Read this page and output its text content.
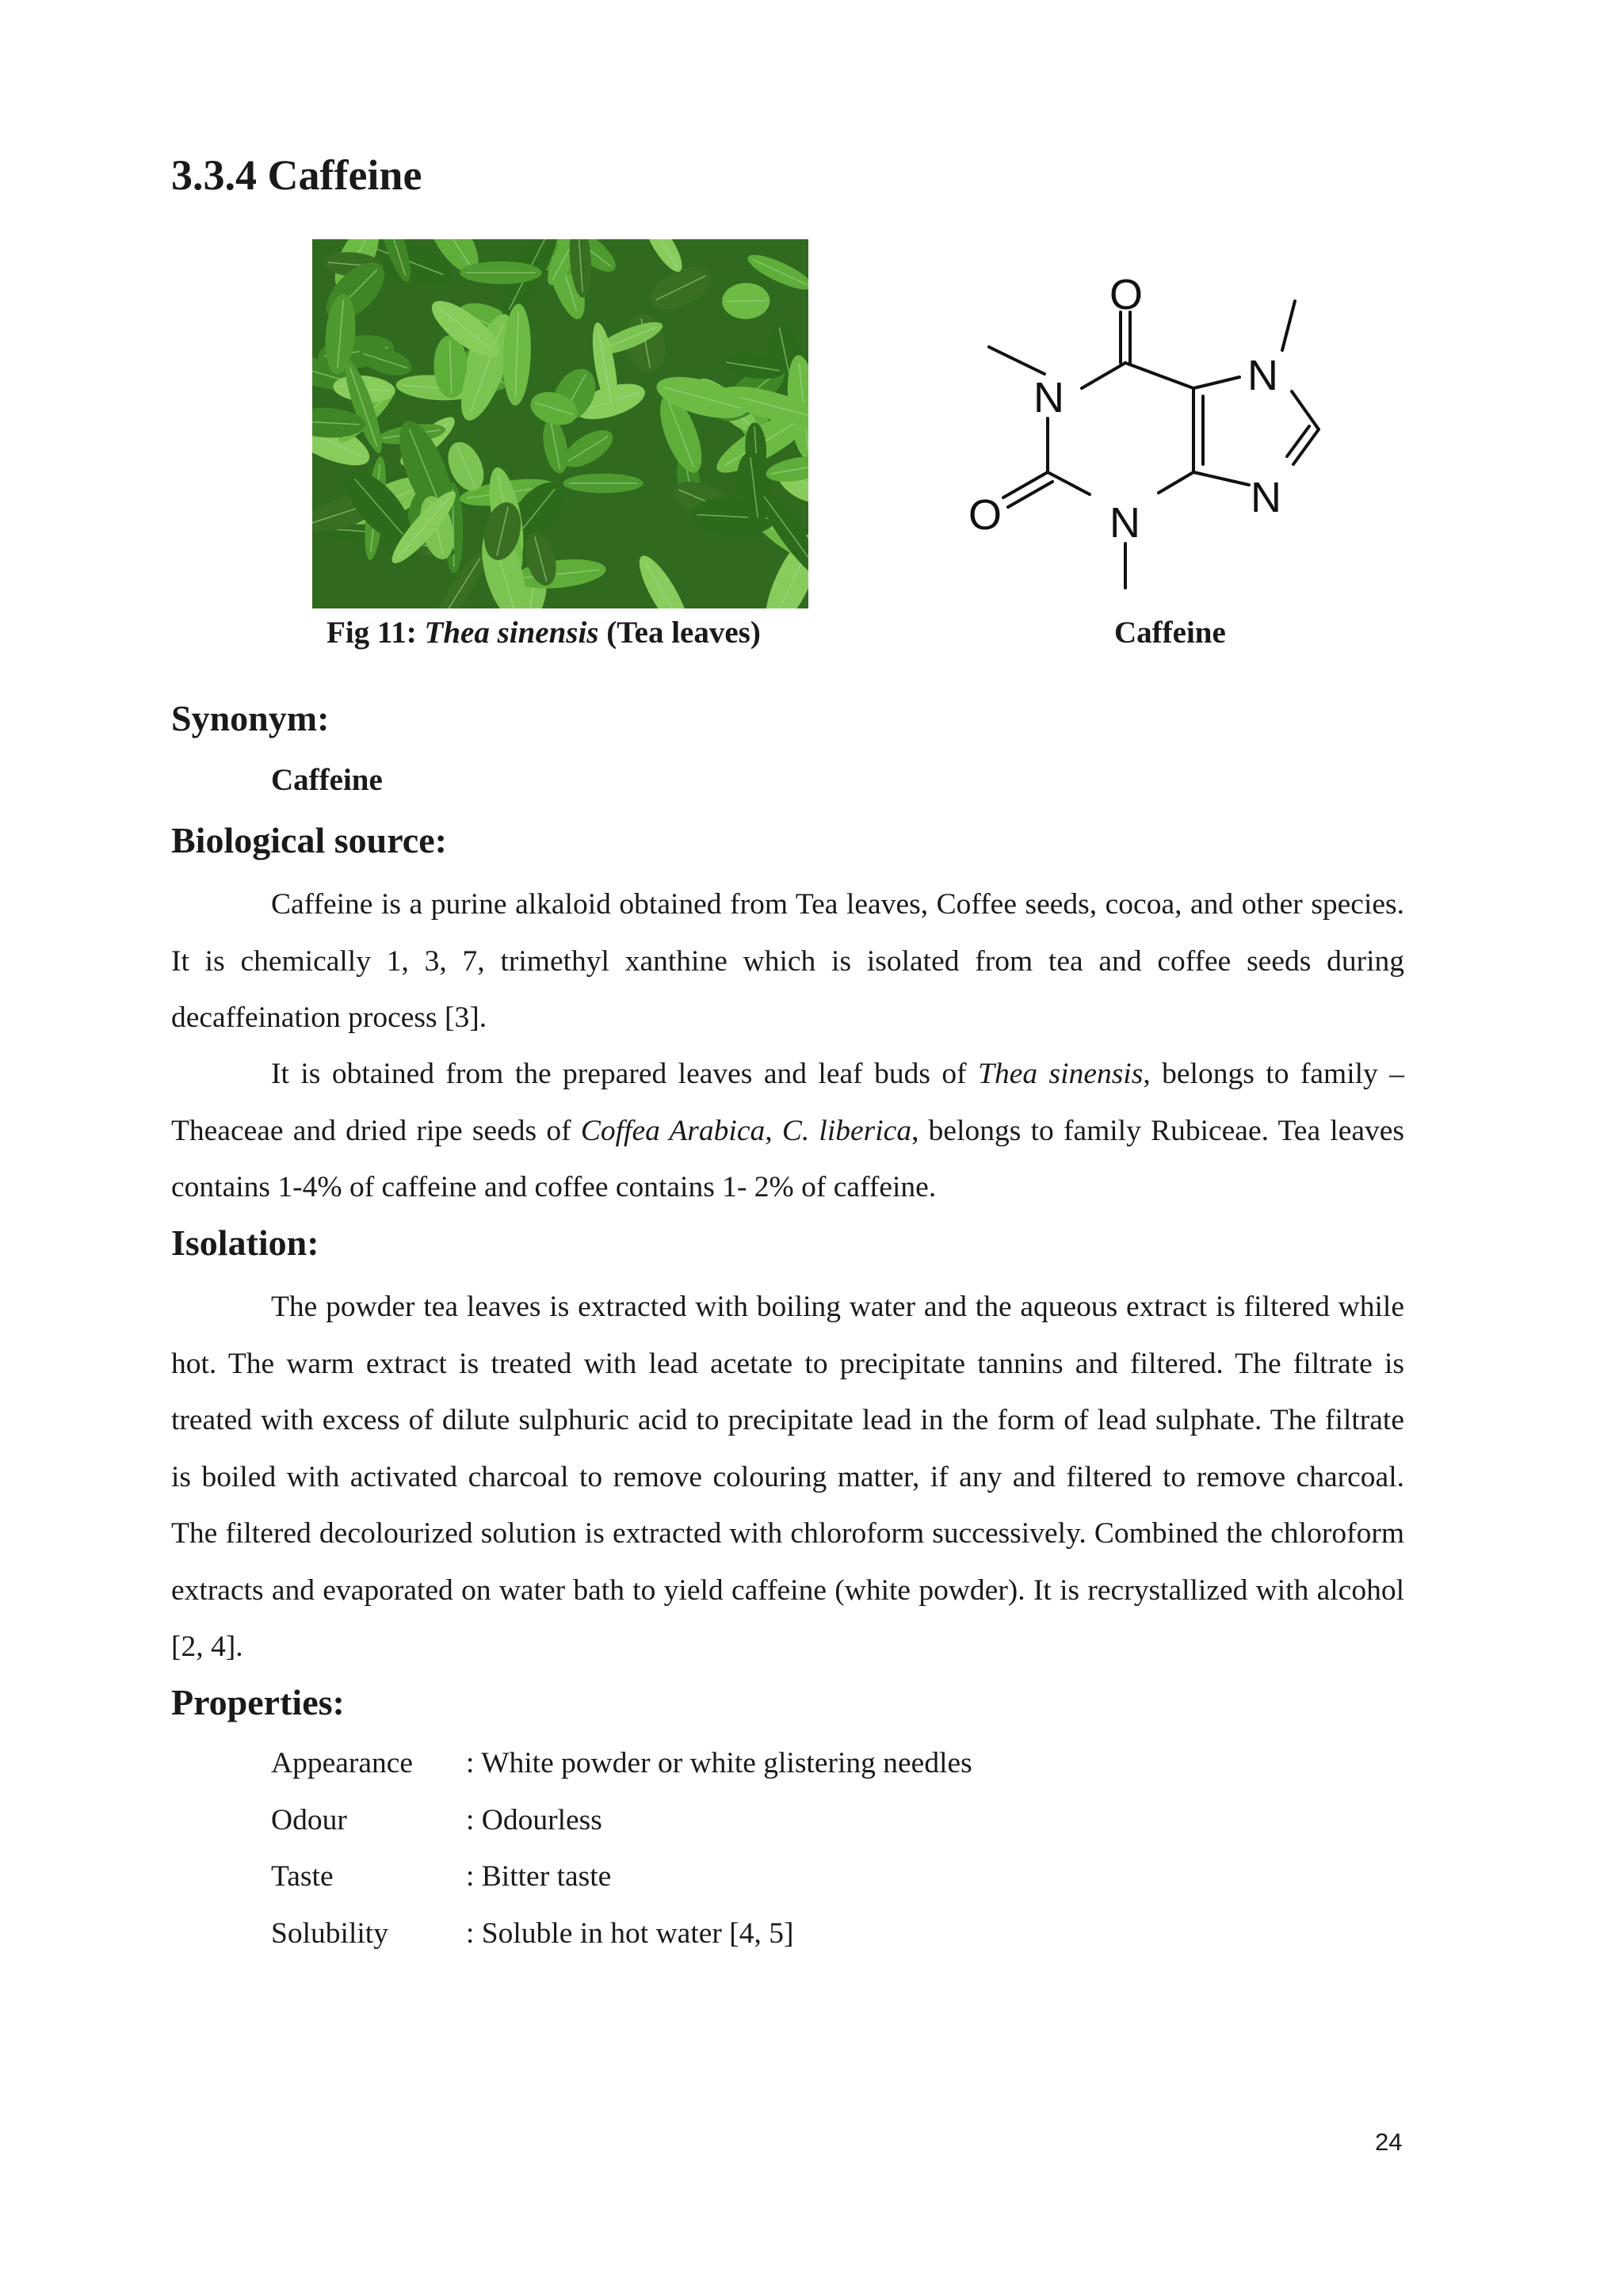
3.3.4 Caffeine
Fig 11: Thea sinensis (Tea leaves)
O
N
O	N
N
N
Caffeine
Synonym:
Caffeine
Biological source:

Caffeine is a purine alkaloid obtained from Tea leaves, Coffee seeds, cocoa, and other species. It is chemically 1, 3, 7, trimethyl xanthine which is isolated from tea and coffee seeds during decaffeination process [3].

It is obtained from the prepared leaves and leaf buds of Thea sinensis, belongs to family – Theaceae and dried ripe seeds of Coffea Arabica, C. liberica, belongs to family Rubiceae. Tea leaves contains 1-4% of caffeine and coffee contains 1- 2% of caffeine.

Isolation:

The powder tea leaves is extracted with boiling water and the aqueous extract is filtered while hot. The warm extract is treated with lead acetate to precipitate tannins and filtered. The filtrate is treated with excess of dilute sulphuric acid to precipitate lead in the form of lead sulphate. The filtrate is boiled with activated charcoal to remove colouring matter, if any and filtered to remove charcoal. The filtered decolourized solution is extracted with chloroform successively. Combined the chloroform extracts and evaporated on water bath to yield caffeine (white powder). It is recrystallized with alcohol [2, 4].

Properties:
Appearance	: White powder or white glistering needles
Odour	: Odourless
Taste	: Bitter taste
Solubility	: Soluble in hot water [4, 5]
24
